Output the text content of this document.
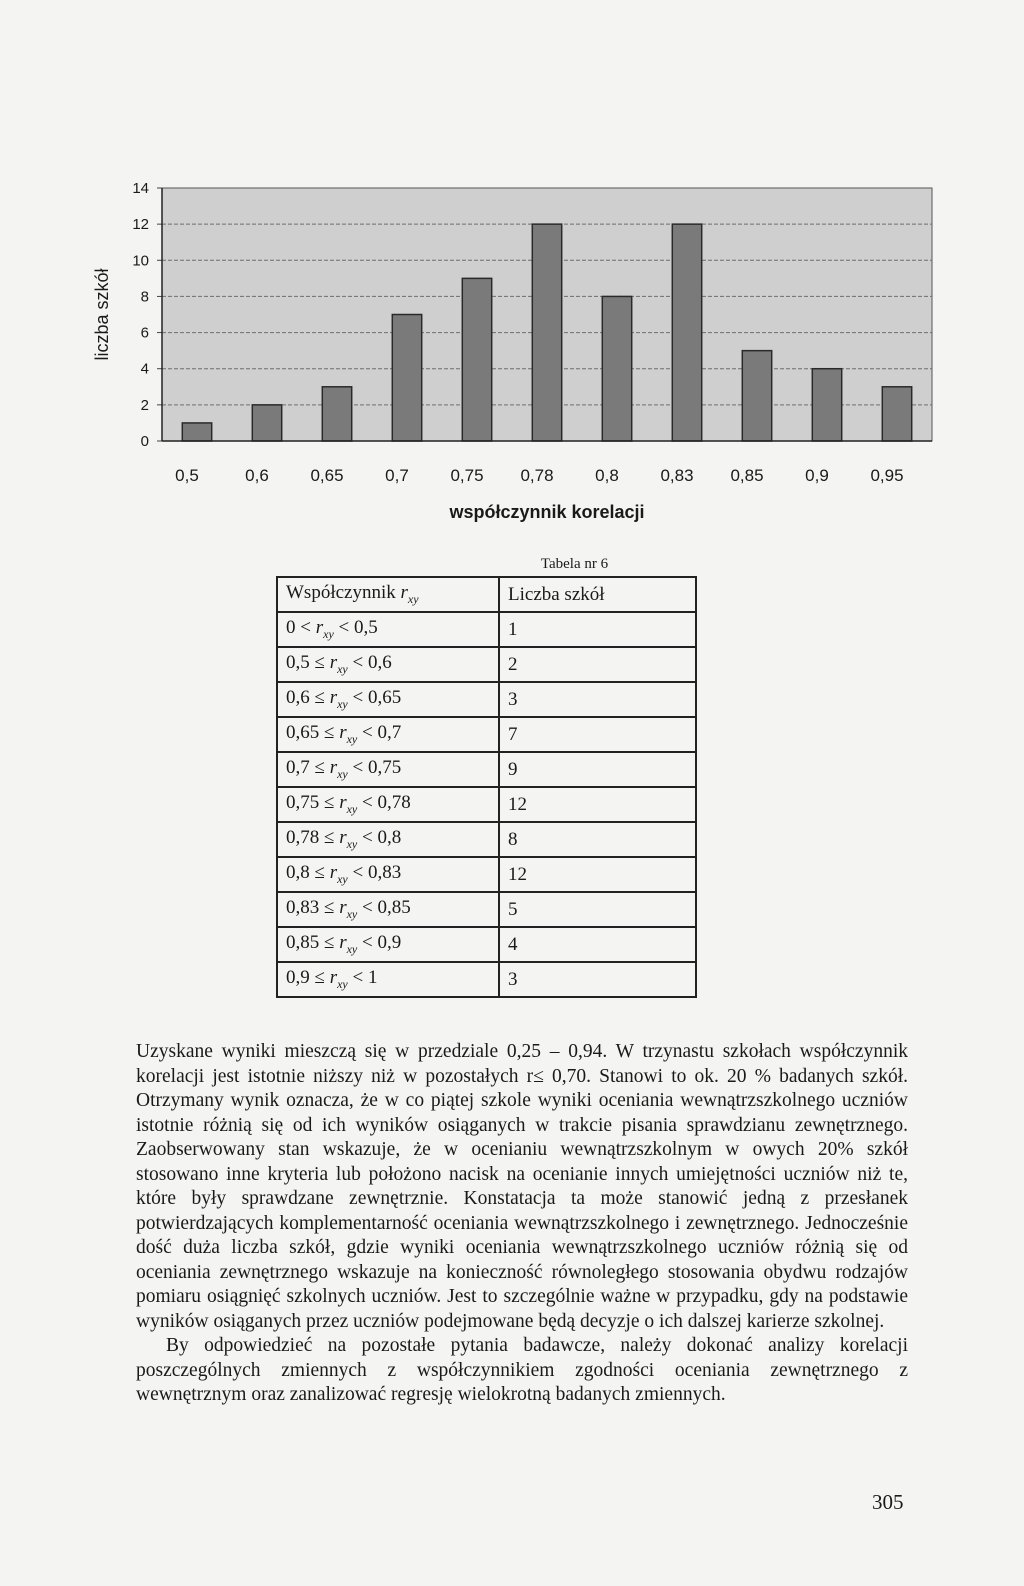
0
2
4
6
8
10
12
14
0,5	0,6 0,65 0,7 0,75 0,78 0,8 0,83 0,85 0,9 0,95
współczynnik korelacji
liczba szkół
Tabela nr 6
Współczynnik $r_{xy}$	Liczba szkół
$0 < r_{xy} < 0,5$	1
$0,5 \le r_{xy} < 0,6$	2
$0,6 \le r_{xy} < 0,65$	3
$0,65 \le r_{xy} < 0,7$	7
$0,7 \le r_{xy} < 0,75$	9
$0,75 \le r_{xy} < 0,78$	12
$0,78 \le r_{xy} < 0,8$	8
$0,8 \le r_{xy} < 0,83$	12
$0,83 \le r_{xy} < 0,85$	5
$0,85 \le r_{xy} < 0,9$	4
$0,9 \le r_{xy} < 1$	3

Uzyskane wyniki mieszczą się w przedziale 0,25 – 0,94. W trzynastu szkołach współczynnik korelacji jest istotnie niższy niż w pozostałych r≤ 0,70. Stanowi to ok. 20 % badanych szkół. Otrzymany wynik oznacza, że w co piątej szkole wyniki oceniania wewnątrzszkolnego uczniów istotnie różnią się od ich wyników osiąganych w trakcie pisania sprawdzianu zewnętrznego. Zaobserwowany stan wskazuje, że w ocenianiu wewnątrzszkolnym w owych 20% szkół stosowano inne kryteria lub położono nacisk na ocenianie innych umiejętności uczniów niż te, które były sprawdzane zewnętrznie. Konstatacja ta może stanowić jedną z przesłanek potwierdzających komplementarność oceniania wewnątrzszkolnego i zewnętrznego. Jednocześnie dość duża liczba szkół, gdzie wyniki oceniania wewnątrzszkolnego uczniów różnią się od oceniania zewnętrznego wskazuje na konieczność równoległego stosowania obydwu rodzajów pomiaru osiągnięć szkolnych uczniów. Jest to szczególnie ważne w przypadku, gdy na podstawie wyników osiąganych przez uczniów podejmowane będą decyzje o ich dalszej karierze szkolnej.

By odpowiedzieć na pozostałe pytania badawcze, należy dokonać analizy korelacji poszczególnych zmiennych z współczynnikiem zgodności oceniania zewnętrznego z wewnętrznym oraz zanalizować regresję wielokrotną badanych zmiennych.

305
